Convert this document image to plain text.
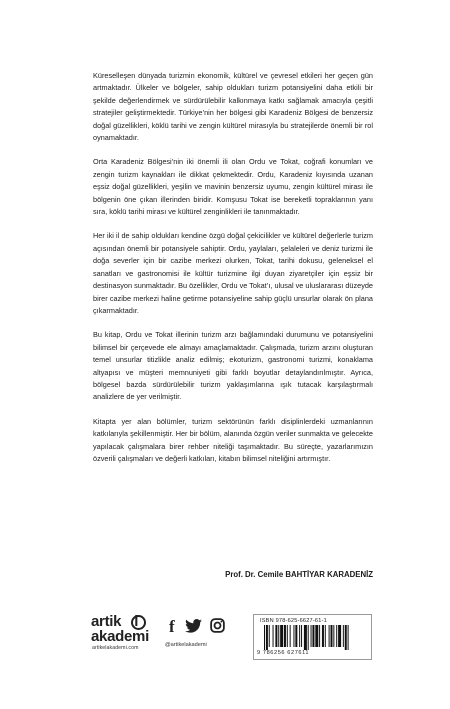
Küreselleşen dünyada turizmin ekonomik, kültürel ve çevresel etkileri her geçen gün artmaktadır. Ülkeler ve bölgeler, sahip oldukları turizm potansiyelini daha etkili bir şekilde değerlendirmek ve sürdürülebilir kalkınmaya katkı sağlamak amacıyla çeşitli stratejiler geliştirmektedir. Türkiye’nin her bölgesi gibi Karadeniz Bölgesi de benzersiz doğal güzellikleri, köklü tarihi ve zengin kültürel mirasıyla bu stratejilerde önemli bir rol oynamaktadır.

Orta Karadeniz Bölgesi’nin iki önemli ili olan Ordu ve Tokat, coğrafi konumları ve zengin turizm kaynakları ile dikkat çekmektedir. Ordu, Karadeniz kıyısında uzanan eşsiz doğal güzellikleri, yeşilin ve mavinin benzersiz uyumu, zengin kültürel mirası ile bölgenin öne çıkan illerinden biridir. Komşusu Tokat ise bereketli topraklarının yanı sıra, köklü tarihi mirası ve kültürel zenginlikleri ile tanınmaktadır.

Her iki il de sahip oldukları kendine özgü doğal çekicilikler ve kültürel değerlerle turizm açısından önemli bir potansiyele sahiptir. Ordu, yaylaları, şelaleleri ve deniz turizmi ile doğa severler için bir cazibe merkezi olurken, Tokat, tarihi dokusu, geleneksel el sanatları ve gastronomisi ile kültür turizmine ilgi duyan ziyaretçiler için eşsiz bir destinasyon sunmaktadır. Bu özellikler, Ordu ve Tokat’ı, ulusal ve uluslararası düzeyde birer cazibe merkezi haline getirme potansiyeline sahip güçlü unsurlar olarak ön plana çıkarmaktadır.

Bu kitap, Ordu ve Tokat illerinin turizm arzı bağlamındaki durumunu ve potansiyelini bilimsel bir çerçevede ele almayı amaçlamaktadır. Çalışmada, turizm arzını oluşturan temel unsurlar titizlikle analiz edilmiş; ekoturizm, gastronomi turizmi, konaklama altyapısı ve müşteri memnuniyeti gibi farklı boyutlar detaylandırılmıştır. Ayrıca, bölgesel bazda sürdürülebilir turizm yaklaşımlarına ışık tutacak karşılaştırmalı analizlere de yer verilmiştir.

Kitapta yer alan bölümler, turizm sektörünün farklı disiplinlerdeki uzmanlarının katkılarıyla şekillenmiştir. Her bir bölüm, alanında özgün veriler sunmakta ve gelecekte yapılacak çalışmalara birer rehber niteliği taşımaktadır. Bu süreçte, yazarlarımızın özverili çalışmaları ve değerli katkıları, kitabın bilimsel niteliğini artırmıştır.

Prof. Dr. Cemile BAHTİYAR KARADENİZ
artik l
akademi
artikelakademi.com
f
@artikelakademi
ISBN 978-625-6627-61-1
9 786256 627611
